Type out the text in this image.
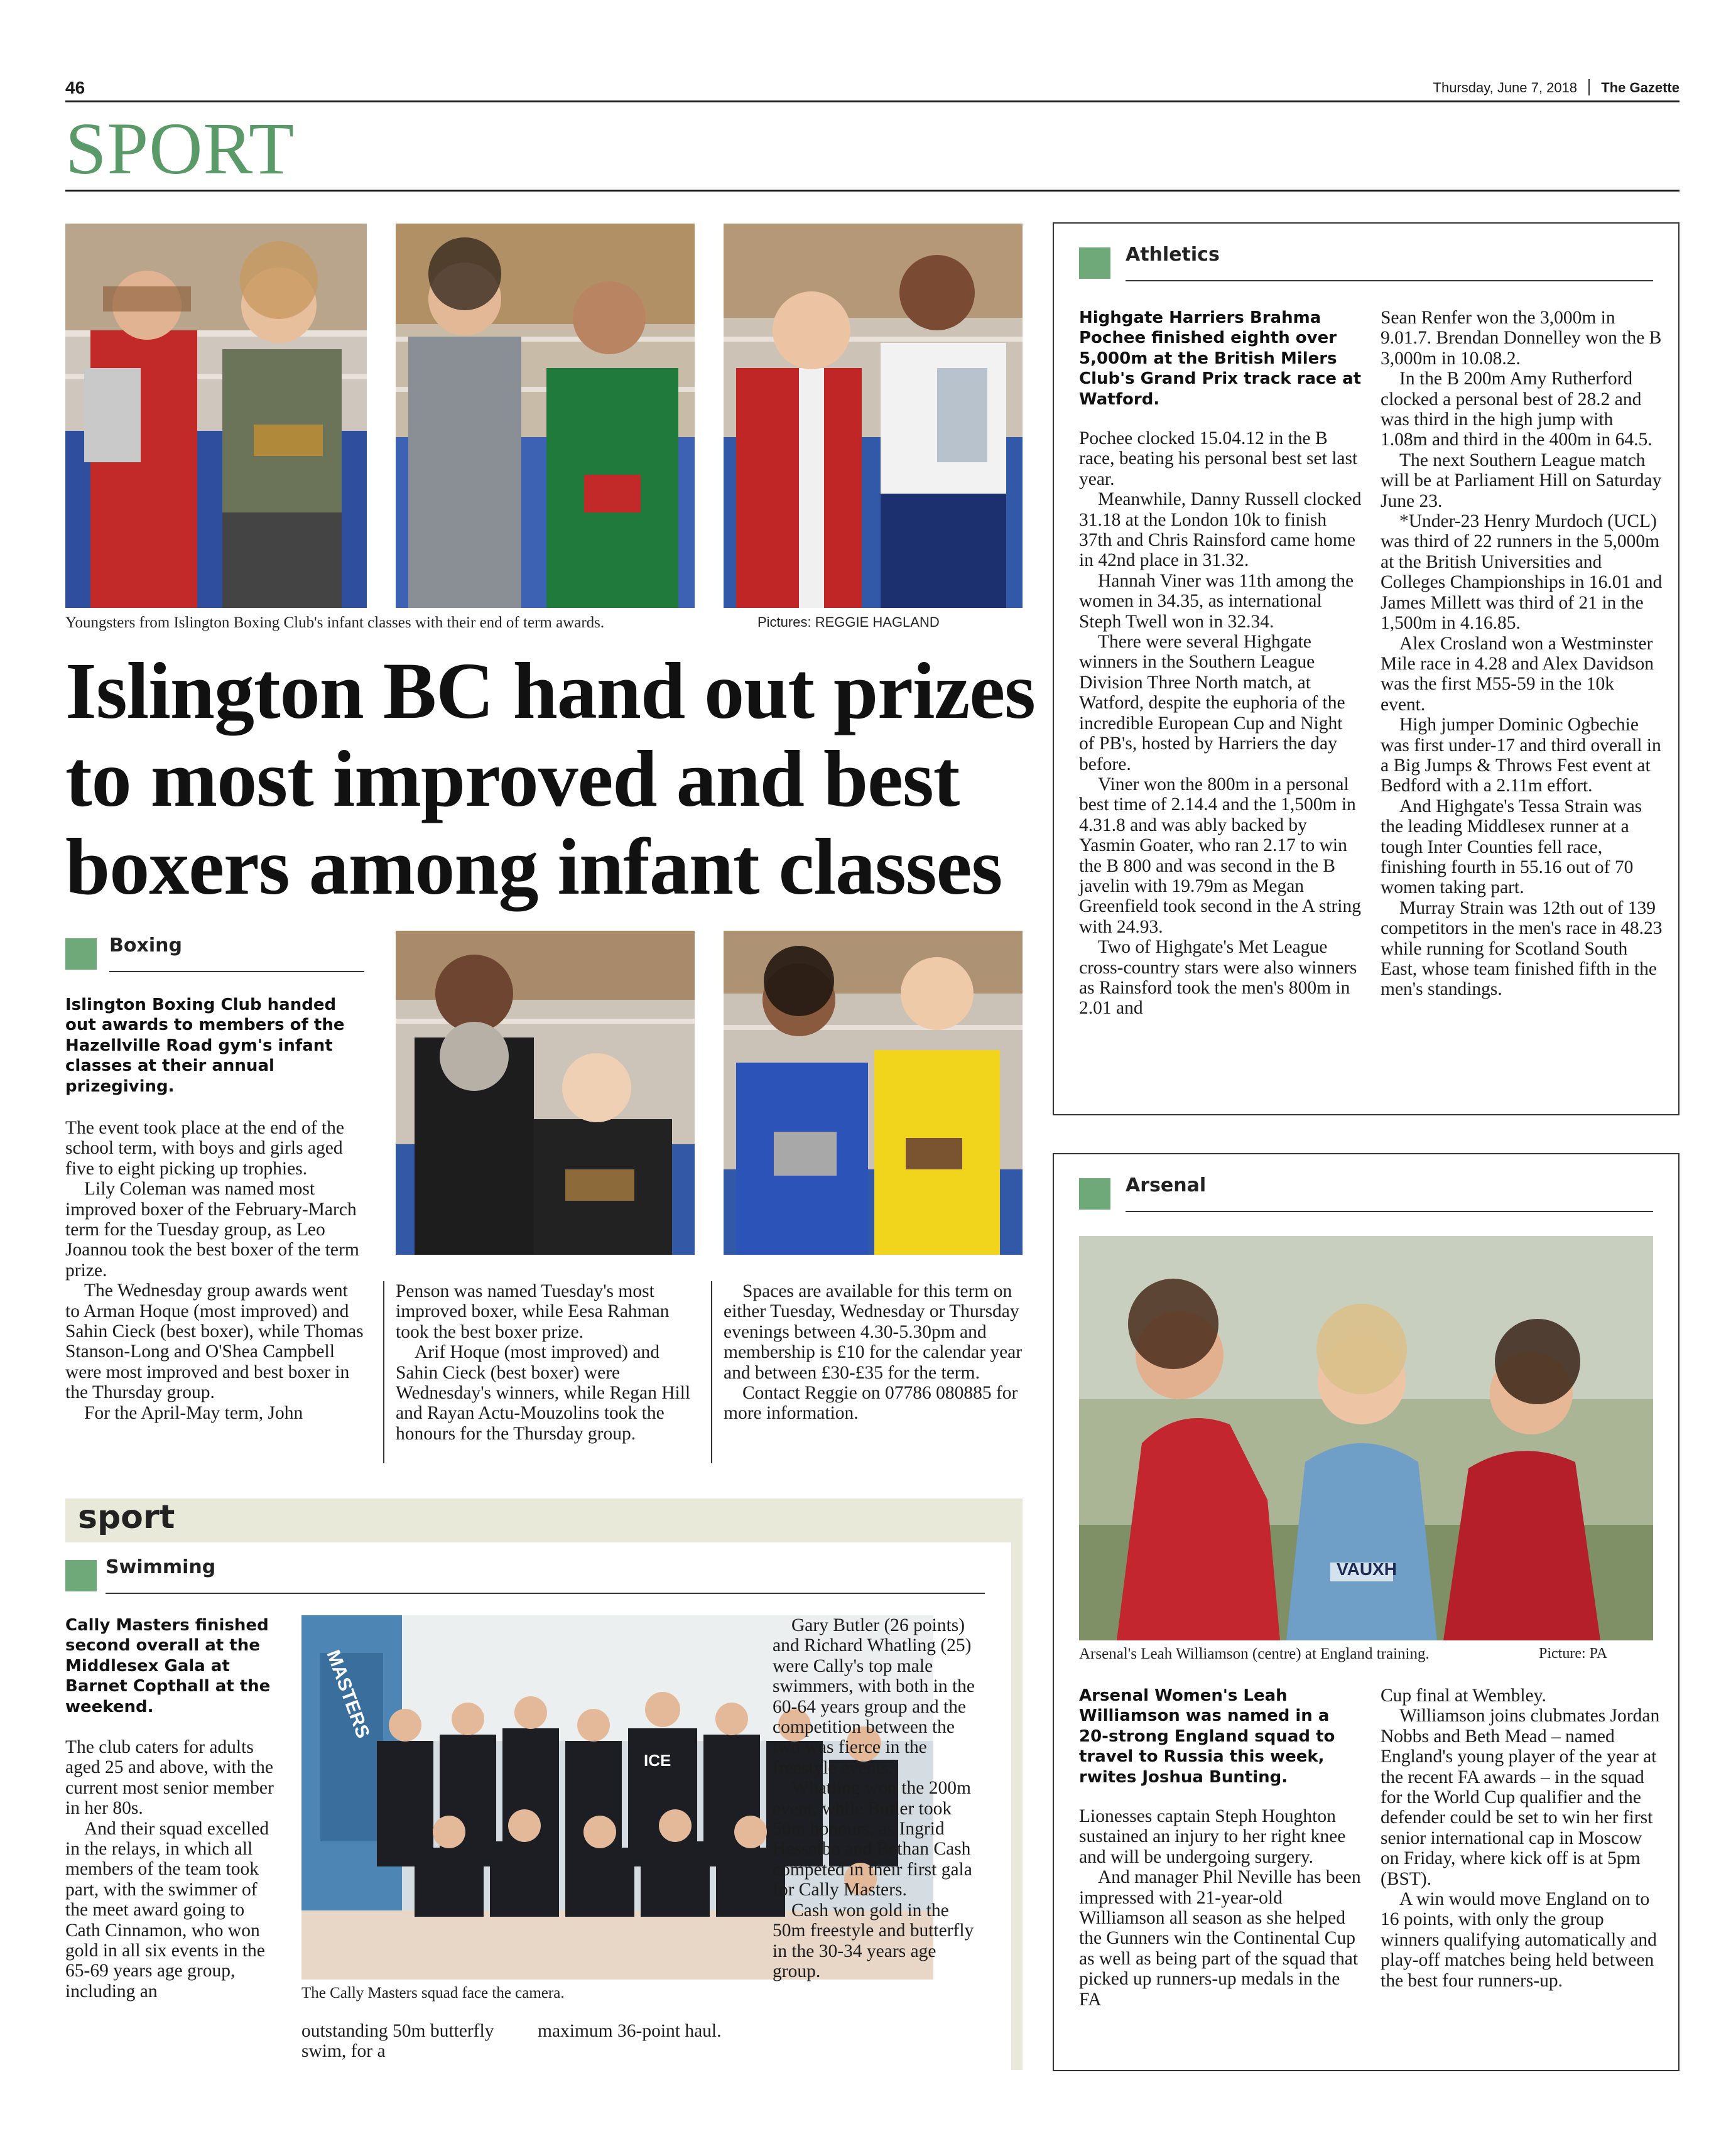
46	Thursday, June 7, 2018 The Gazette
SPORT
Youngsters from Islington Boxing Club's infant classes with their end of term awards.	Pictures: REGGIE HAGLAND
Islington BC hand out prizes to most improved and best boxers among infant classes
Boxing
Islington Boxing Club handed out awards to members of the Hazellville Road gym's infant classes at their annual prizegiving.

The event took place at the end of the school term, with boys and girls aged five to eight picking up trophies.

Lily Coleman was named most improved boxer of the February-March term for the Tuesday group, as Leo Joannou took the best boxer of the term prize.

The Wednesday group awards went to Arman Hoque (most improved) and Sahin Cieck (best boxer), while Thomas Stanson-Long and O'Shea Campbell were most improved and best boxer in the Thursday group.

For the April-May term, John

Penson was named Tuesday's most improved boxer, while Eesa Rahman took the best boxer prize.

Arif Hoque (most improved) and Sahin Cieck (best boxer) were Wednesday's winners, while Regan Hill and Rayan Actu-Mouzolins took the honours for the Thursday group.

Spaces are available for this term on either Tuesday, Wednesday or Thursday evenings between 4.30-5.30pm and membership is £10 for the calendar year and between £30-£35 for the term.

Contact Reggie on 07786 080885 for more information.

Athletics
Highgate Harriers Brahma Pochee finished eighth over 5,000m at the British Milers Club's Grand Prix track race at Watford.

Pochee clocked 15.04.12 in the B race, beating his personal best set last year.

Meanwhile, Danny Russell clocked 31.18 at the London 10k to finish 37th and Chris Rainsford came home in 42nd place in 31.32.

Hannah Viner was 11th among the women in 34.35, as international Steph Twell won in 32.34.

There were several Highgate winners in the Southern League Division Three North match, at Watford, despite the euphoria of the incredible European Cup and Night of PB's, hosted by Harriers the day before.

Viner won the 800m in a personal best time of 2.14.4 and the 1,500m in 4.31.8 and was ably backed by Yasmin Goater, who ran 2.17 to win the B 800 and was second in the B javelin with 19.79m as Megan Greenfield took second in the A string with 24.93.

Two of Highgate's Met League cross-country stars were also winners as Rainsford took the men's 800m in 2.01 and

Sean Renfer won the 3,000m in 9.01.7. Brendan Donnelley won the B 3,000m in 10.08.2.

In the B 200m Amy Rutherford clocked a personal best of 28.2 and was third in the high jump with 1.08m and third in the 400m in 64.5.

The next Southern League match will be at Parliament Hill on Saturday June 23.

*Under-23 Henry Murdoch (UCL) was third of 22 runners in the 5,000m at the British Universities and Colleges Championships in 16.01 and James Millett was third of 21 in the 1,500m in 4.16.85.

Alex Crosland won a Westminster Mile race in 4.28 and Alex Davidson was the first M55-59 in the 10k event.

High jumper Dominic Ogbechie was first under-17 and third overall in a Big Jumps & Throws Fest event at Bedford with a 2.11m effort.

And Highgate's Tessa Strain was the leading Middlesex runner at a tough Inter Counties fell race, finishing fourth in 55.16 out of 70 women taking part.

Murray Strain was 12th out of 139 competitors in the men's race in 48.23 while running for Scotland South East, whose team finished fifth in the men's standings.

Arsenal
VAUXH
Arsenal's Leah Williamson (centre) at England training.	Picture: PA
Arsenal Women's Leah Williamson was named in a 20-strong England squad to travel to Russia this week, rwites Joshua Bunting.

Lionesses captain Steph Houghton sustained an injury to her right knee and will be undergoing surgery.

And manager Phil Neville has been impressed with 21-year-old Williamson all season as she helped the Gunners win the Continental Cup as well as being part of the squad that picked up runners-up medals in the FA

Cup final at Wembley.

Williamson joins clubmates Jordan Nobbs and Beth Mead – named England's young player of the year at the recent FA awards – in the squad for the World Cup qualifier and the defender could be set to win her first senior international cap in Moscow on Friday, where kick off is at 5pm (BST).

A win would move England on to 16 points, with only the group winners qualifying automatically and play-off matches being held between the best four runners-up.

sport
Swimming
Cally Masters finished second overall at the Middlesex Gala at Barnet Copthall at the weekend.

The club caters for adults aged 25 and above, with the current most senior member in her 80s.

And their squad excelled in the relays, in which all members of the team took part, with the swimmer of the meet award going to Cath Cinnamon, who won gold in all six events in the 65-69 years age group, including an

MASTERS
ICE
The Cally Masters squad face the camera.

outstanding 50m butterfly swim, for a

maximum 36-point haul.

Gary Butler (26 points) and Richard Whatling (25) were Cally's top male swimmers, with both in the 60-64 years group and the competition between the two was fierce in the freestyle events.

Whatling won the 200m event, while Butler took 50m honours, as Ingrid Hesselbo and Bethan Cash competed in their first gala for Cally Masters.

Cash won gold in the 50m freestyle and butterfly in the 30-34 years age group.
